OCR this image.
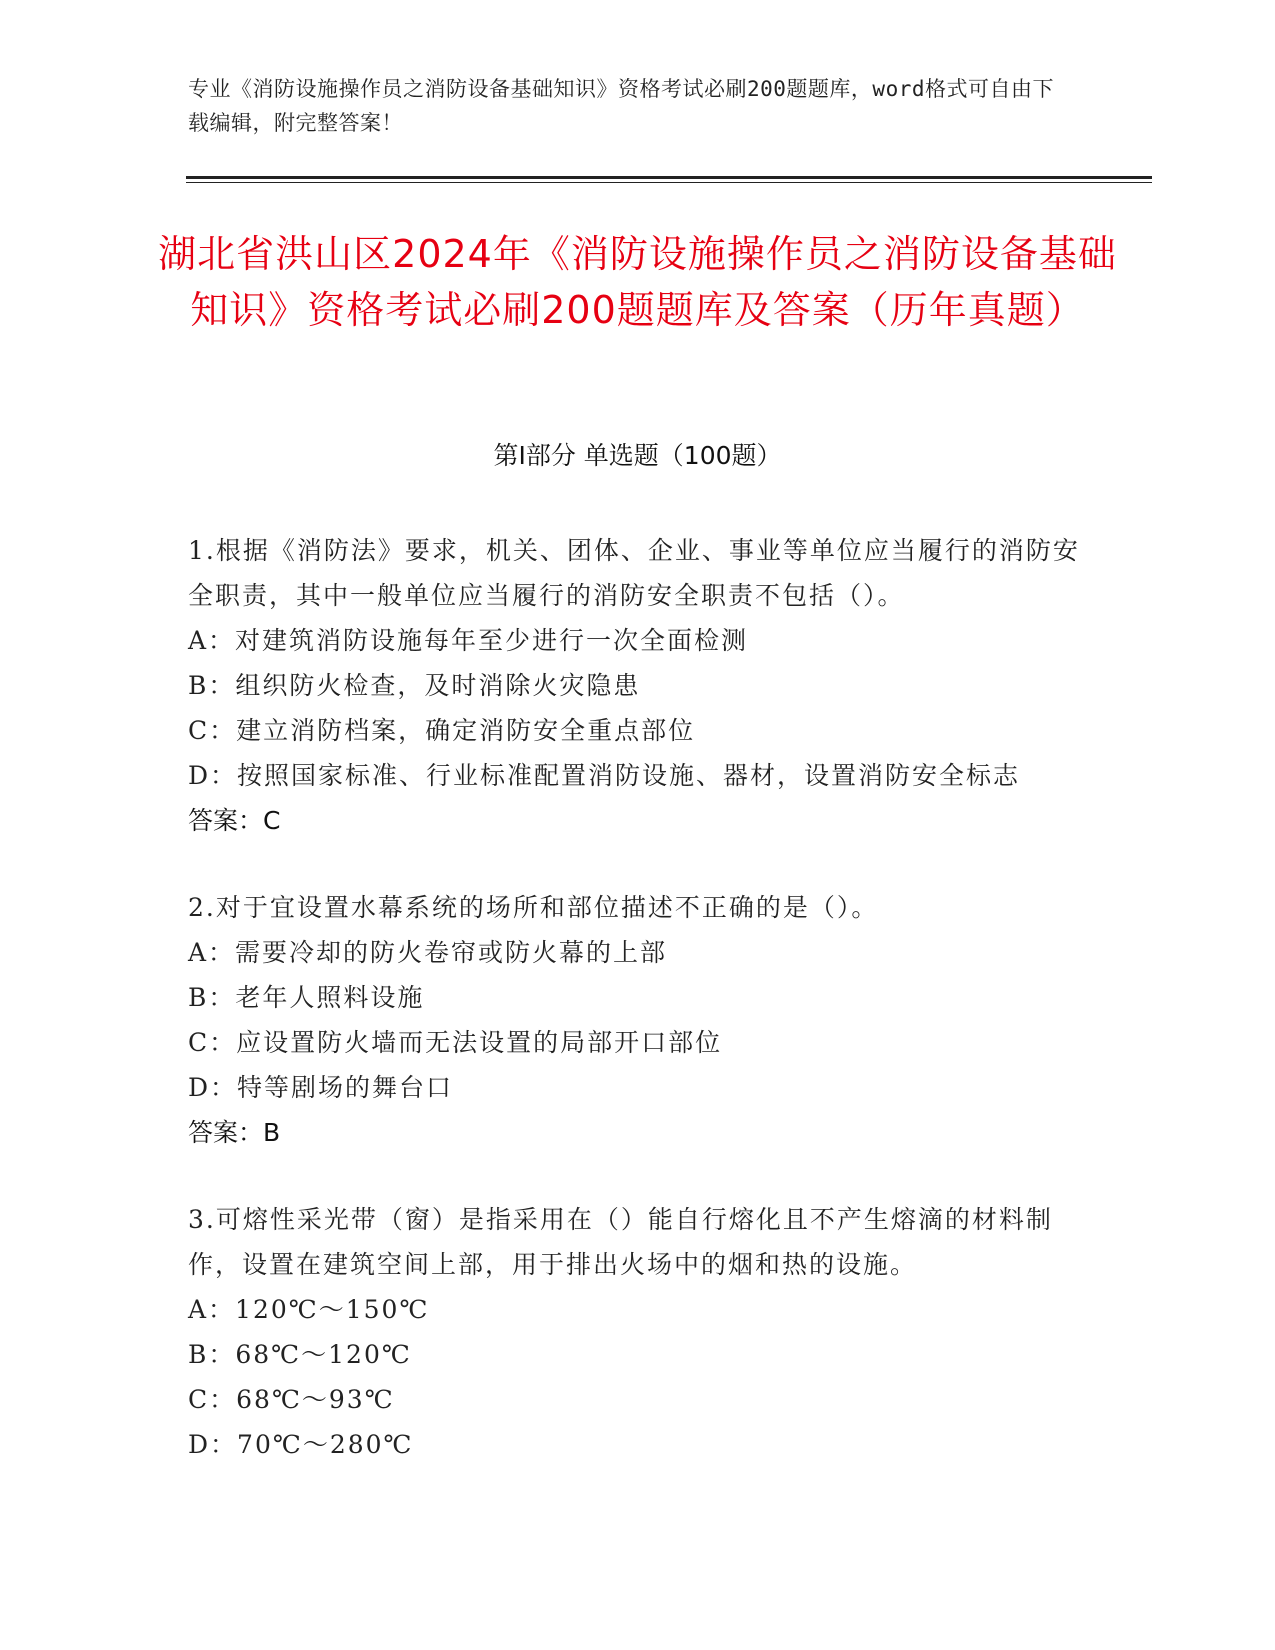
专业《消防设施操作员之消防设备基础知识》资格考试必刷200题题库，word格式可自由下载编辑，附完整答案！
湖北省洪山区2024年《消防设施操作员之消防设备基础知识》资格考试必刷200题题库及答案（历年真题）
第Ⅰ部分 单选题（100题）

1.根据《消防法》要求，机关、团体、企业、事业等单位应当履行的消防安全职责，其中一般单位应当履行的消防安全职责不包括（）。

A：对建筑消防设施每年至少进行一次全面检测

B：组织防火检查，及时消除火灾隐患

C：建立消防档案，确定消防安全重点部位

D：按照国家标准、行业标准配置消防设施、器材，设置消防安全标志

答案：C

2.对于宜设置水幕系统的场所和部位描述不正确的是（）。

A：需要冷却的防火卷帘或防火幕的上部

B：老年人照料设施

C：应设置防火墙而无法设置的局部开口部位

D：特等剧场的舞台口

答案：B

3.可熔性采光带（窗）是指采用在（）能自行熔化且不产生熔滴的材料制作，设置在建筑空间上部，用于排出火场中的烟和热的设施。

A：120℃～150℃

B：68℃～120℃

C：68℃～93℃

D：70℃～280℃
